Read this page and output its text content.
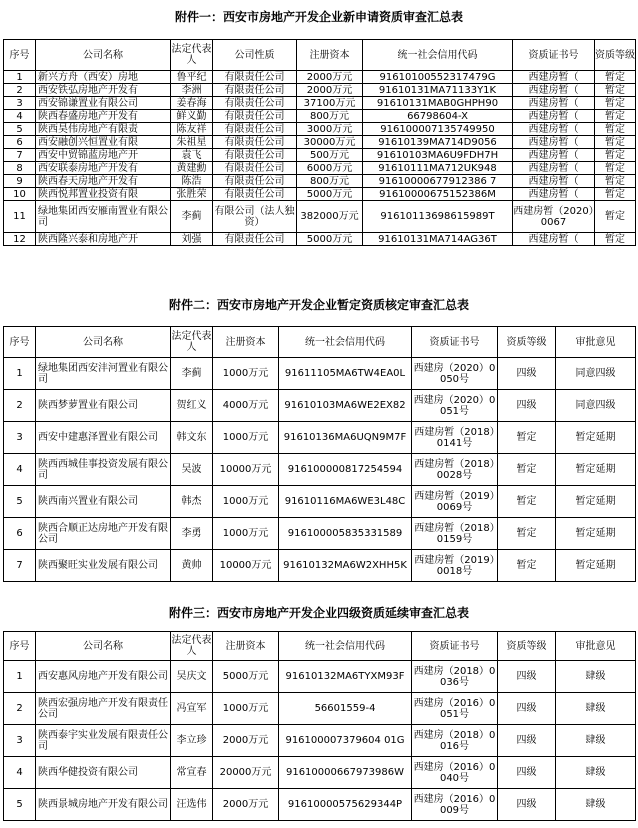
附件一：西安市房地产开发企业新申请资质审查汇总表
序号	公司名称	法定代表人	公司性质	注册资本	统一社会信用代码	资质证书号	资质等级
1	新兴方舟（西安）房地	鲁平纪	有限责任公司	2000万元	91610100552317479G	西建房暂（	暂定
2	西安铁弘房地产开发有	李洲	有限责任公司	2000万元	91610131MA71133Y1K	西建房暂（	暂定
3	西安锦谦置业有限公司	姜春海	有限责任公司	37100万元	91610131MAB0GHPH90	西建房暂（	暂定
4	陕西春盛房地产开发有	鲜义勤	有限责任公司	800万元	66798604-X	西建房暂（	暂定
5	陕西昊伟房地产有限责	陈友祥	有限责任公司	3000万元	916100007135749950	西建房暂（	暂定
6	西安融创兴恒置业有限	朱祖星	有限责任公司	30000万元	91610139MA714D9056	西建房暂（	暂定
7	西安中贸锦蓝房地产开	袁飞	有限责任公司	500万元	91610103MA6U9FDH7H	西建房暂（	暂定
8	西安联泰房地产开发有	黄建勳	有限责任公司	6000万元	91610111MA712UK948	西建房暂（	暂定
9	陕西春天房地产开发有	陈浩	有限责任公司	800万元	91610000677912386 7	西建房暂（	暂定
10	陕西悦邦置业投资有限	张胜荣	有限责任公司	5000万元	91610000675152386M	西建房暂（	暂定
11	绿地集团西安雁南置业有限公司	李蓟	有限公司（法人独资）	382000万元	91610113698615989T	西建房暂（2020）0067	暂定
12	陕西隆兴泰和房地产开	刘强	有限责任公司	5000万元	91610131MA714AG36T	西建房暂（	暂定
附件二：西安市房地产开发企业暂定资质核定审查汇总表
序号	公司名称	法定代表人	注册资本	统一社会信用代码	资质证书号	资质等级	审批意见
1	绿地集团西安沣河置业有限公司	李蓟	1000万元	91611105MA6TW4EA0L	西建房（2020）0050号	四级	同意四级
2	陕西梦萝置业有限公司	贺红义	4000万元	91610103MA6WE2EX82	西建房（2020）0051号	四级	同意四级
3	西安中建惠泽置业有限公司	韩文东	1000万元	91610136MA6UQN9M7F	西建房暂（2018）0141号	暂定	暂定延期
4	陕西西城佳事投资发展有限公司	吴波	10000万元	916100000817254594	西建房暂（2018）0028号	暂定	暂定延期
5	陕西南兴置业有限公司	韩杰	1000万元	91610116MA6WE3L48C	西建房暂（2019）0069号	暂定	暂定延期
6	陕西合顺正达房地产开发有限公司	李勇	1000万元	916100005835331589	西建房暂（2018）0159号	暂定	暂定延期
7	陕西聚旺实业发展有限公司	黄帅	10000万元	91610132MA6W2XHH5K	西建房暂（2019）0018号	暂定	暂定延期
附件三：西安市房地产开发企业四级资质延续审查汇总表
序号	公司名称	法定代表人	注册资本	统一社会信用代码	资质证书号	资质等级	审批意见
1	西安惠风房地产开发有限公司	吴庆文	5000万元	91610132MA6TYXM93F	西建房（2018）0036号	四级	肆级
2	陕西宏强房地产开发有限责任公司	冯宣军	1000万元	56601559-4	西建房（2016）0051号	四级	肆级
3	陕西泰宇实业发展有限责任公司	李立珍	2000万元	916100007379604 01G	西建房（2018）0016号	四级	肆级
4	陕西华健投资有限公司	常宣春	20000万元	91610000667973986W	西建房（2016）0040号	四级	肆级
5	陕西景城房地产开发有限公司	汪选伟	2000万元	91610000575629344P	西建房（2016）0009号	四级	肆级
